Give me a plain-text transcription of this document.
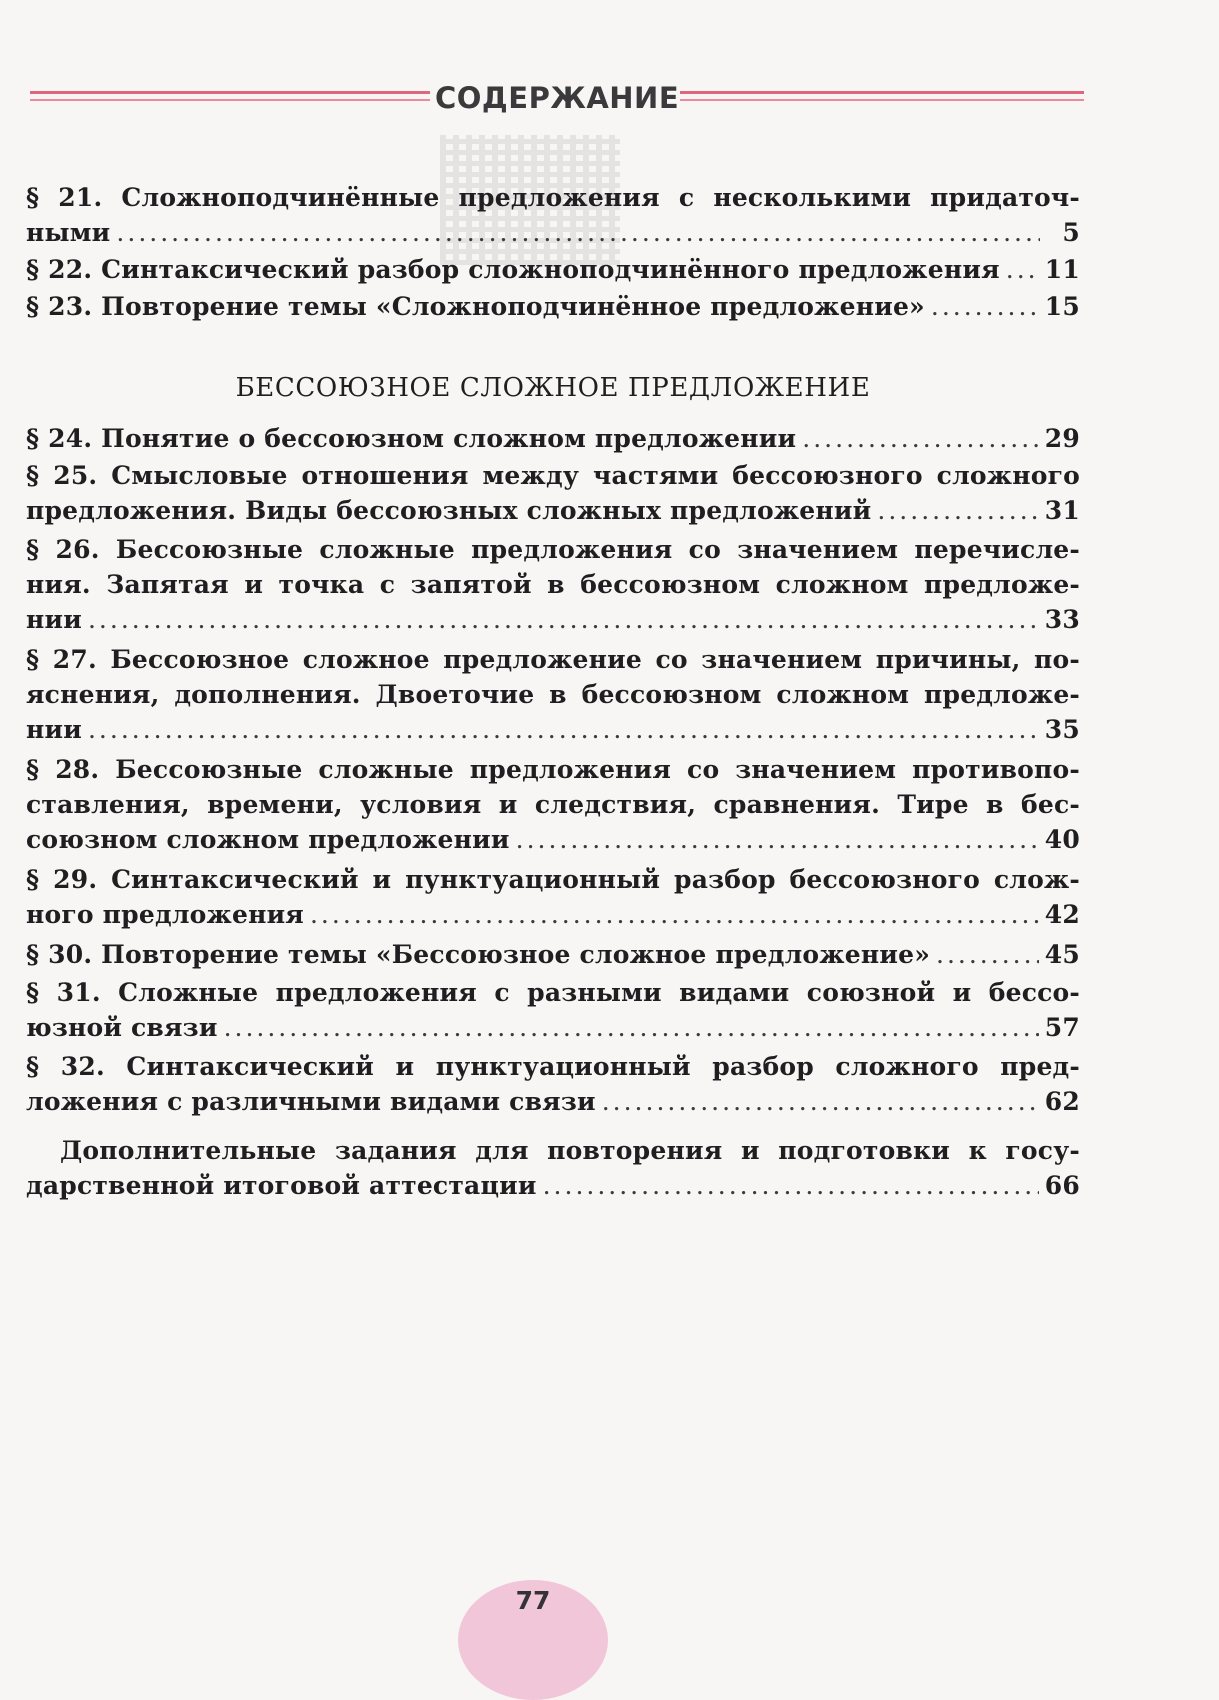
СОДЕРЖАНИЕ
§ 21. Сложноподчинённые предложения с несколькими придаточ-
ными .....	5
§ 22. Синтаксический разбор сложноподчинённого предложения ..... 11
§ 23. Повторение темы «Сложноподчинённое предложение» .....	15
БЕССОЮЗНОЕ СЛОЖНОЕ ПРЕДЛОЖЕНИЕ
§ 24. Понятие о бессоюзном сложном предложении .....	29
§ 25. Смысловые отношения между частями бессоюзного сложного
предложения. Виды бессоюзных сложных предложений .....	31
§ 26. Бессоюзные сложные предложения со значением перечисле-
ния. Запятая и точка с запятой в бессоюзном сложном предложе-
нии .....	33
§ 27. Бессоюзное сложное предложение со значением причины, по-
яснения, дополнения. Двоеточие в бессоюзном сложном предложе-
нии .....	35
§ 28. Бессоюзные сложные предложения со значением противопо-
ставления, времени, условия и следствия, сравнения. Тире в бес-
союзном сложном предложении .....	40
§ 29. Синтаксический и пунктуационный разбор бессоюзного слож-
ного предложения .....	42
§ 30. Повторение темы «Бессоюзное сложное предложение» .....	45
§ 31. Сложные предложения с разными видами союзной и бессо-
юзной связи .....	57
§ 32. Синтаксический и пунктуационный разбор сложного пред-
ложения с различными видами связи .....	62
Дополнительные задания для повторения и подготовки к госу-
дарственной итоговой аттестации .....	66
77
